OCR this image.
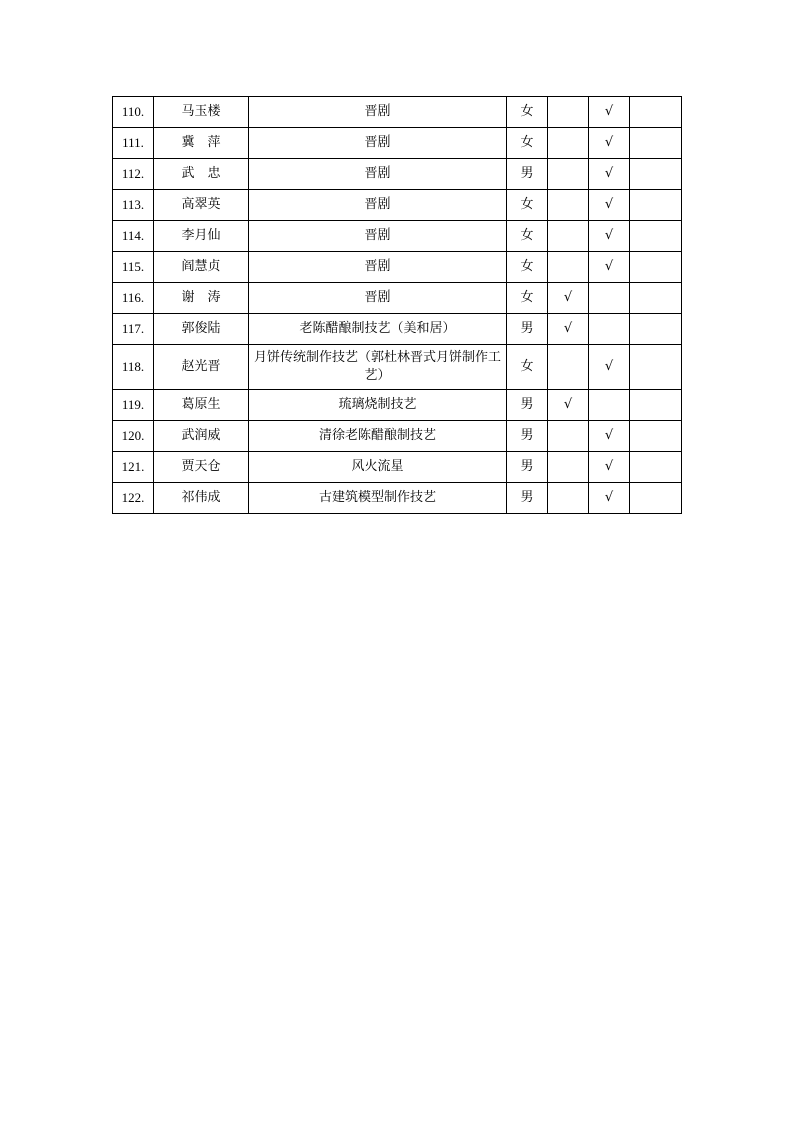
110.	马玉楼	晋剧	女		√	
111.	冀　萍	晋剧	女		√	
112.	武　忠	晋剧	男		√	
113.	高翠英	晋剧	女		√	
114.	李月仙	晋剧	女		√	
115.	阎慧贞	晋剧	女		√	
116.	谢　涛	晋剧	女	√		
117.	郭俊陆	老陈醋酿制技艺（美和居）	男	√		
118.	赵光晋	月饼传统制作技艺（郭杜林晋式月饼制作工艺）	女		√	
119.	葛原生	琉璃烧制技艺	男	√		
120.	武润威	清徐老陈醋酿制技艺	男		√	
121.	贾天仓	风火流星	男		√	
122.	祁伟成	古建筑模型制作技艺	男		√	
